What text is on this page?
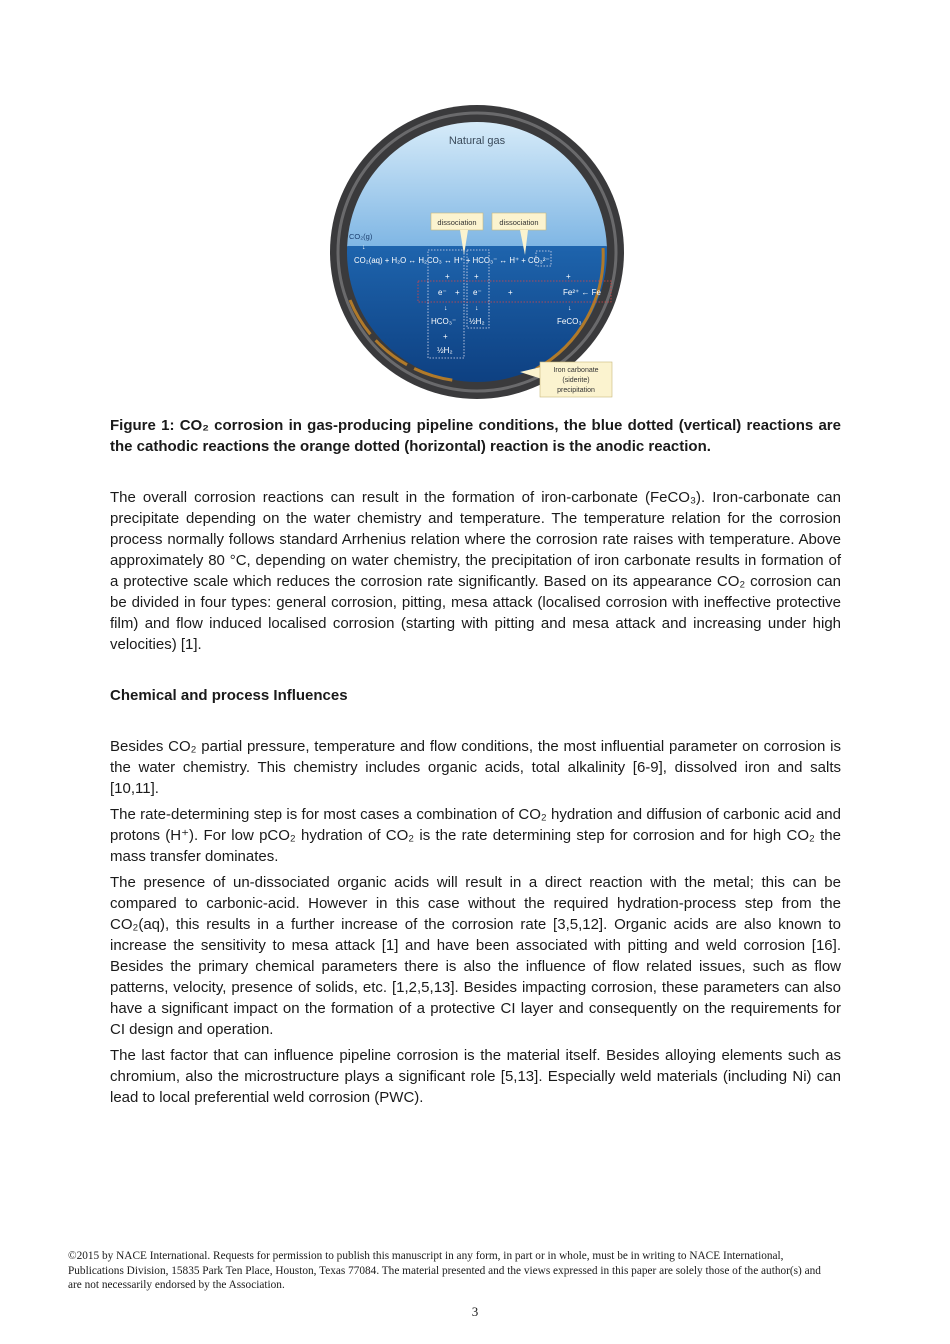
Natural gas
dissociation	dissociation
CO₂(g)
↓
CO₂(aq) + H₂O ↔ H₂CO₃ ↔ H⁺ + HCO₃⁻ ↔ H⁺ + CO₃²⁻
+	+	+
e⁻ + e⁻	+	Fe²⁺ ← Fe
↓	↓	↓
HCO₃⁻ ½H₂	FeCO₃
+
½H₂
Iron carbonate
(siderite)
precipitation

Figure 1: CO₂ corrosion in gas-producing pipeline conditions, the blue dotted (vertical) reactions are the cathodic reactions the orange dotted (horizontal) reaction is the anodic reaction.

The overall corrosion reactions can result in the formation of iron-carbonate (FeCO₃). Iron-carbonate can precipitate depending on the water chemistry and temperature. The temperature relation for the corrosion process normally follows standard Arrhenius relation where the corrosion rate raises with temperature. Above approximately 80 °C, depending on water chemistry, the precipitation of iron carbonate results in formation of a protective scale which reduces the corrosion rate significantly. Based on its appearance CO₂ corrosion can be divided in four types: general corrosion, pitting, mesa attack (localised corrosion with ineffective protective film) and flow induced localised corrosion (starting with pitting and mesa attack and increasing under high velocities) [1].

Chemical and process Influences

Besides CO₂ partial pressure, temperature and flow conditions, the most influential parameter on corrosion is the water chemistry. This chemistry includes organic acids, total alkalinity [6-9], dissolved iron and salts [10,11].

The rate-determining step is for most cases a combination of CO₂ hydration and diffusion of carbonic acid and protons (H⁺). For low pCO₂ hydration of CO₂ is the rate determining step for corrosion and for high CO₂ the mass transfer dominates.

The presence of un-dissociated organic acids will result in a direct reaction with the metal; this can be compared to carbonic-acid. However in this case without the required hydration-process step from the CO₂(aq), this results in a further increase of the corrosion rate [3,5,12]. Organic acids are also known to increase the sensitivity to mesa attack [1] and have been associated with pitting and weld corrosion [16]. Besides the primary chemical parameters there is also the influence of flow related issues, such as flow patterns, velocity, presence of solids, etc. [1,2,5,13]. Besides impacting corrosion, these parameters can also have a significant impact on the formation of a protective CI layer and consequently on the requirements for CI design and operation.

The last factor that can influence pipeline corrosion is the material itself. Besides alloying elements such as chromium, also the microstructure plays a significant role [5,13]. Especially weld materials (including Ni) can lead to local preferential weld corrosion (PWC).

©2015 by NACE International. Requests for permission to publish this manuscript in any form, in part or in whole, must be in writing to NACE International, Publications Division, 15835 Park Ten Place, Houston, Texas 77084. The material presented and the views expressed in this paper are solely those of the author(s) and are not necessarily endorsed by the Association.
3
